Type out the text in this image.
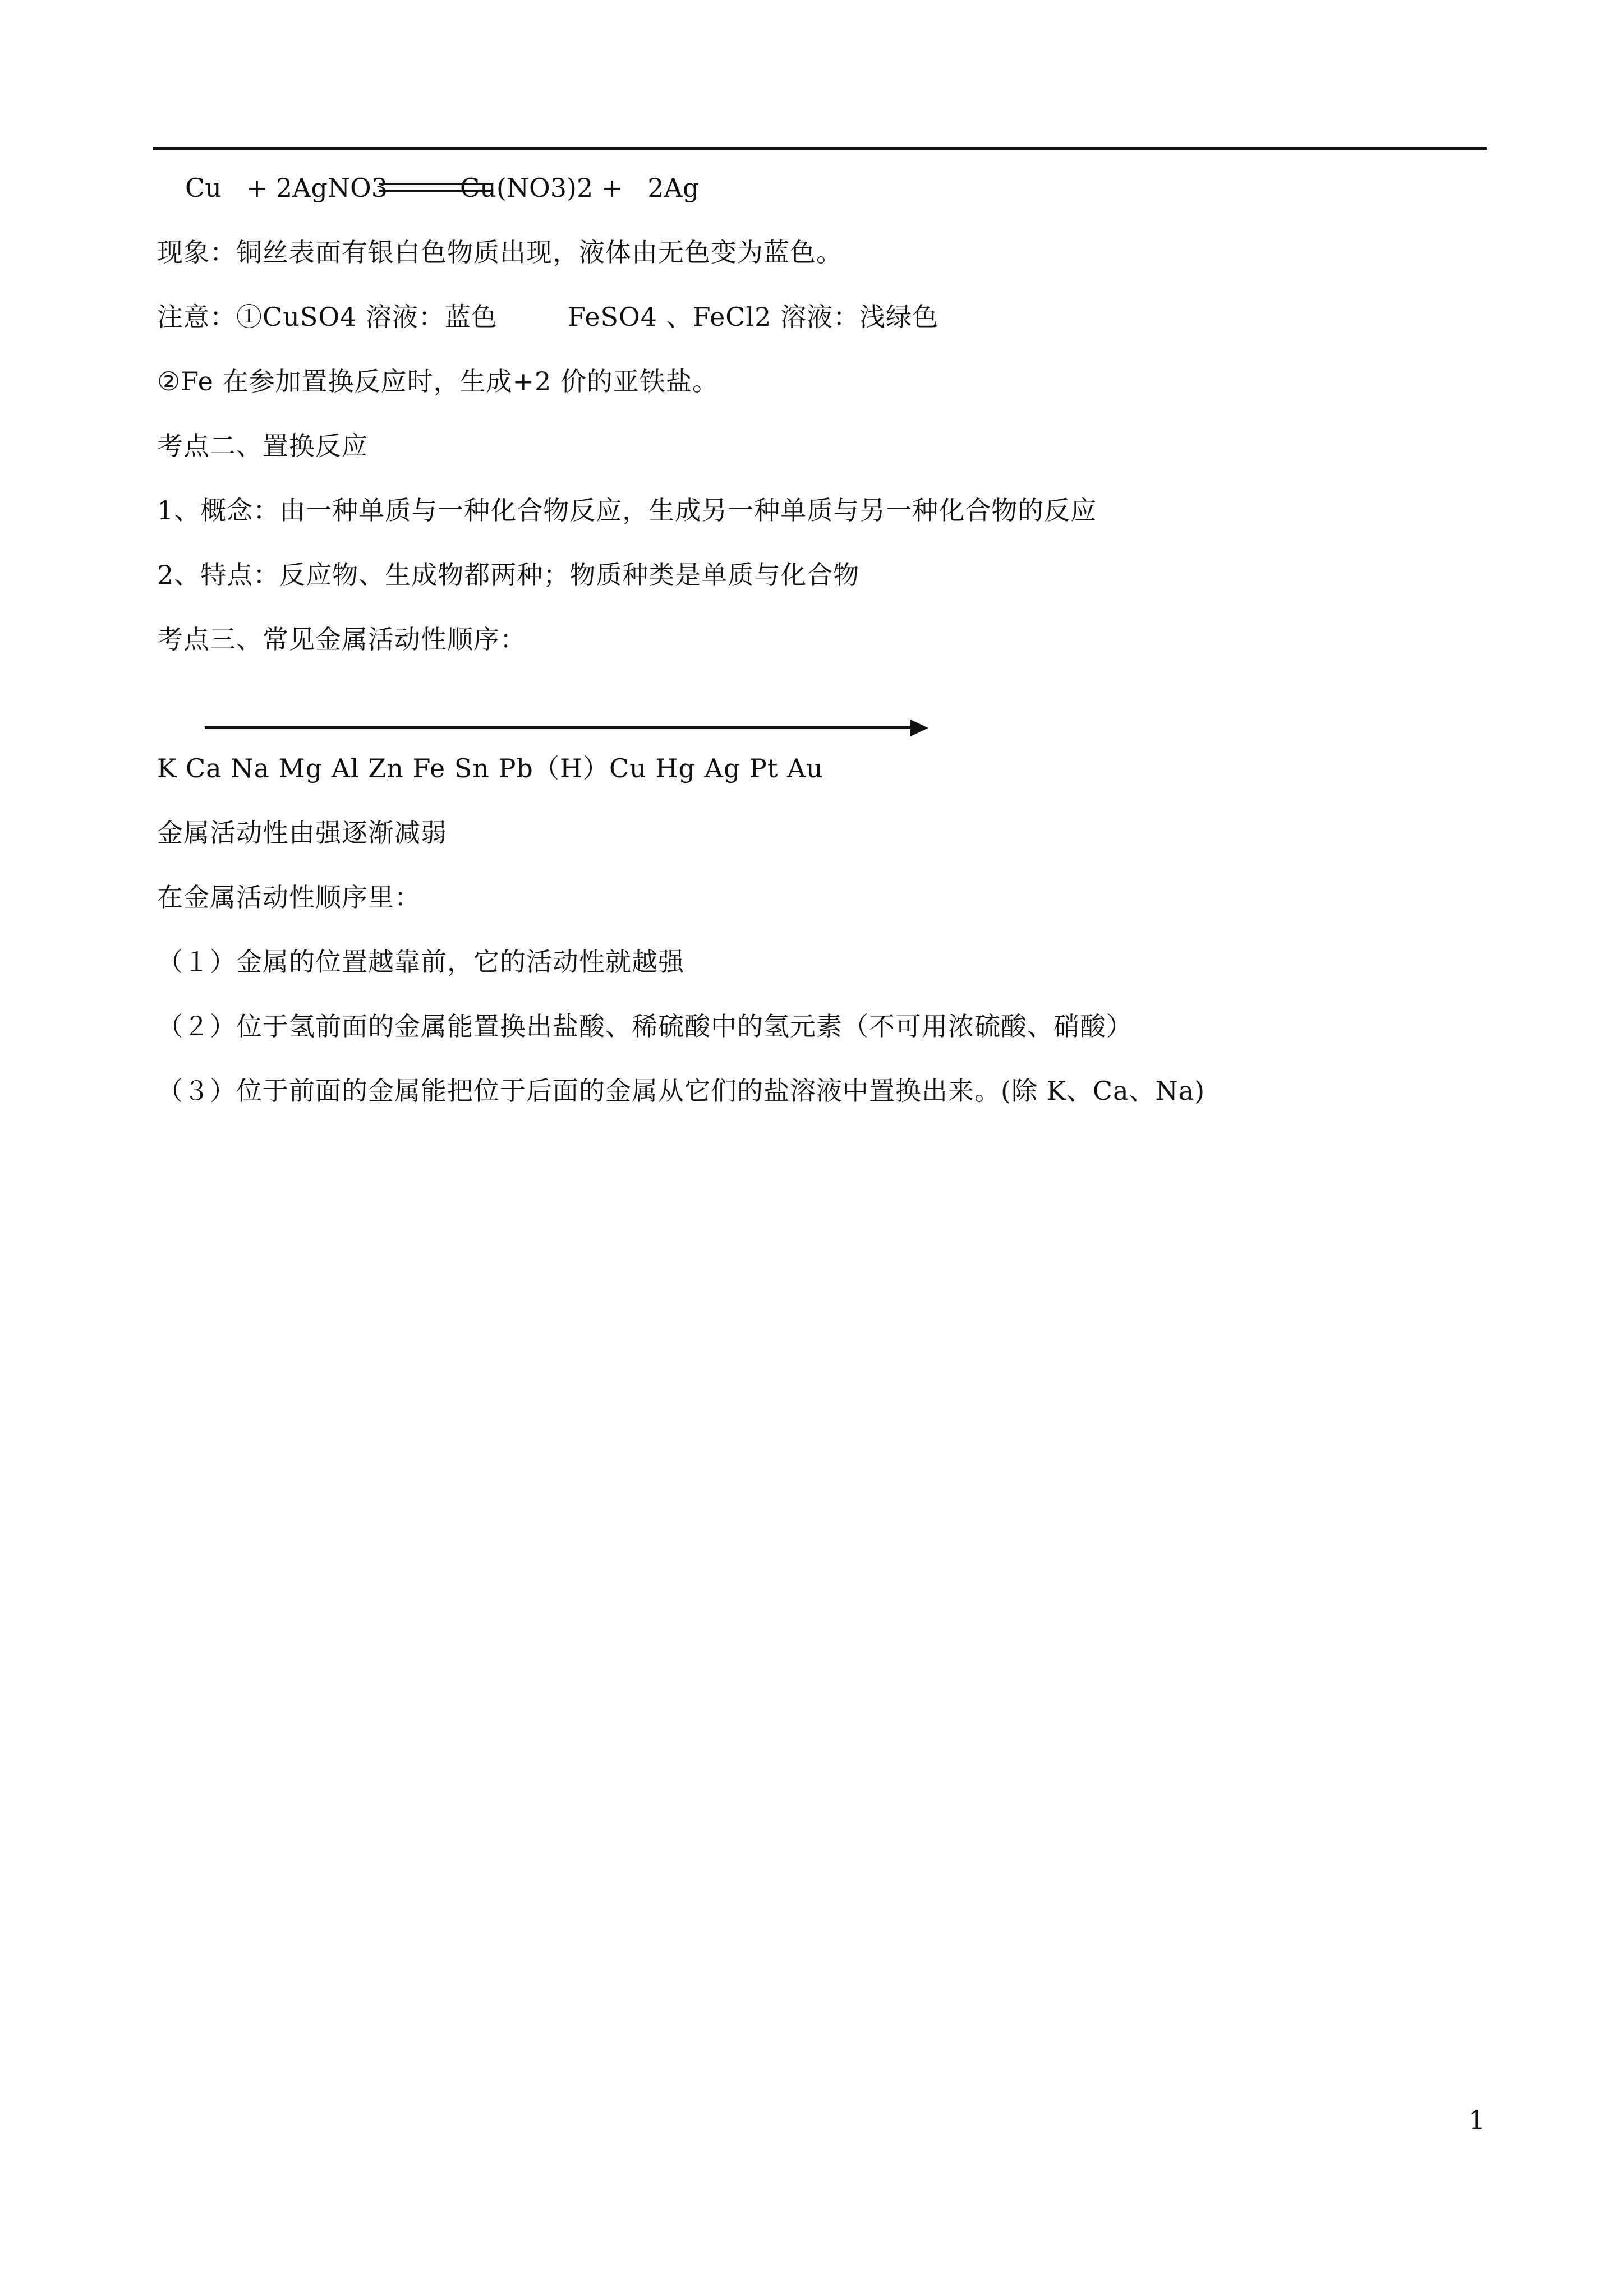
Cu   + 2AgNO3	Cu(NO3)2 +   2Ag
现象：铜丝表面有银白色物质出现，液体由无色变为蓝色。
注意：①CuSO4 溶液：蓝色        FeSO4 、FeCl2 溶液：浅绿色
②Fe 在参加置换反应时，生成+2 价的亚铁盐。
考点二、置换反应
1、概念：由一种单质与一种化合物反应，生成另一种单质与另一种化合物的反应
2、特点：反应物、生成物都两种；物质种类是单质与化合物
考点三、常见金属活动性顺序：
K Ca Na Mg Al Zn Fe Sn Pb（H）Cu Hg Ag Pt Au
金属活动性由强逐渐减弱
在金属活动性顺序里：
（１）金属的位置越靠前，它的活动性就越强
（２）位于氢前面的金属能置换出盐酸、稀硫酸中的氢元素（不可用浓硫酸、硝酸）
（３）位于前面的金属能把位于后面的金属从它们的盐溶液中置换出来。(除 K、Ca、Na)
1
